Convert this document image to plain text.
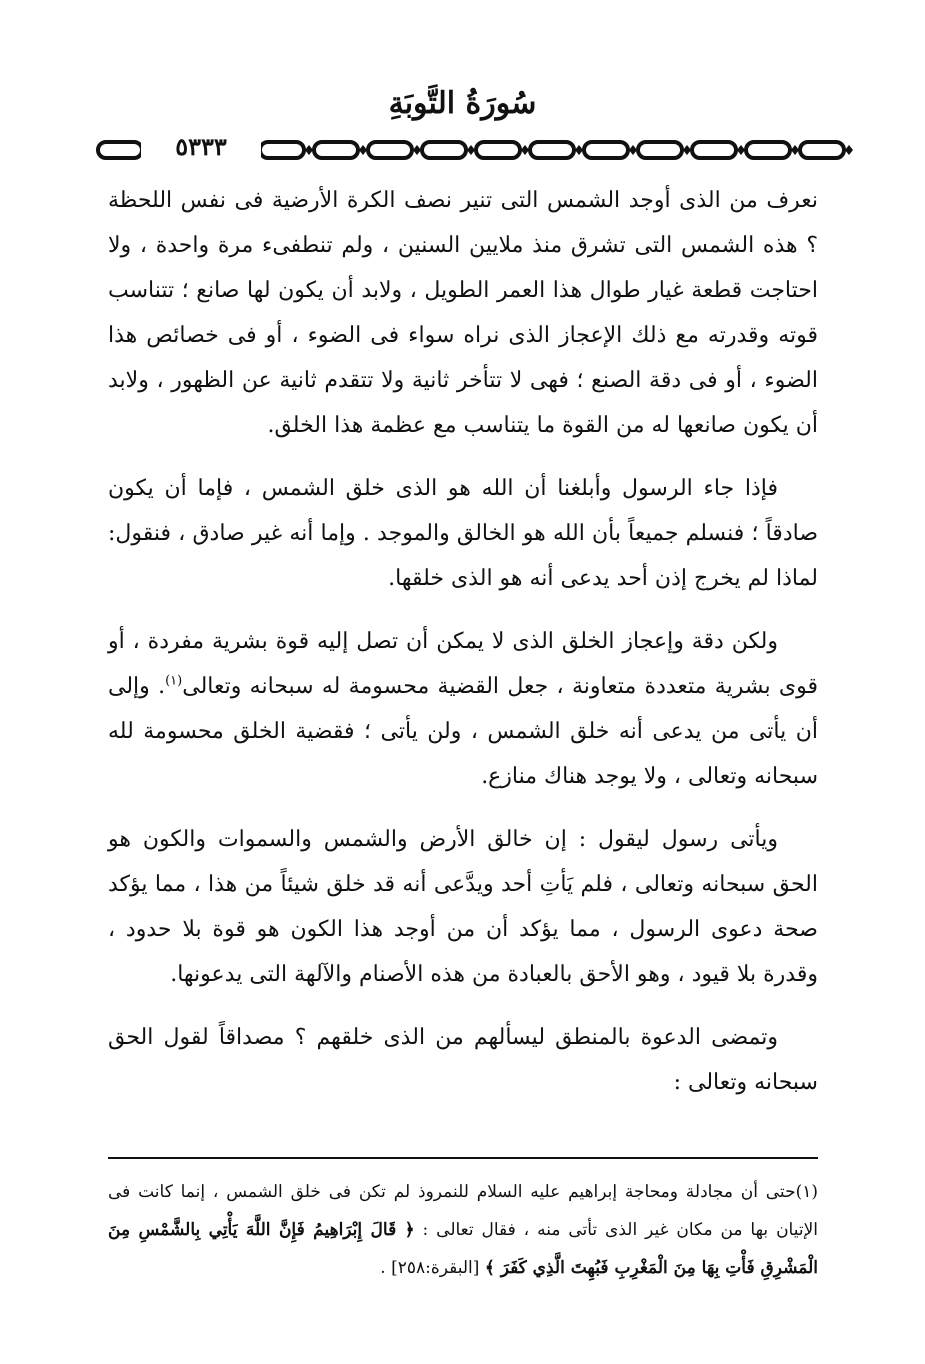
سُورَةُ التَّوبَةِ
٥٣٣٣

نعرف من الذى أوجد الشمس التى تنير نصف الكرة الأرضية فى نفس اللحظة ؟ هذه الشمس التى تشرق منذ ملايين السنين ، ولم تنطفىء مرة واحدة ، ولا احتاجت قطعة غيار طوال هذا العمر الطويل ، ولابد أن يكون لها صانع ؛ تتناسب قوته وقدرته مع ذلك الإعجاز الذى نراه سواء فى الضوء ، أو فى خصائص هذا الضوء ، أو فى دقة الصنع ؛ فهى لا تتأخر ثانية ولا تتقدم ثانية عن الظهور ، ولابد أن يكون صانعها له من القوة ما يتناسب مع عظمة هذا الخلق.

فإذا جاء الرسول وأبلغنا أن الله هو الذى خلق الشمس ، فإما أن يكون صادقاً ؛ فنسلم جميعاً بأن الله هو الخالق والموجد . وإما أنه غير صادق ، فنقول: لماذا لم يخرج إذن أحد يدعى أنه هو الذى خلقها.

ولكن دقة وإعجاز الخلق الذى لا يمكن أن تصل إليه قوة بشرية مفردة ، أو قوى بشرية متعددة متعاونة ، جعل القضية محسومة له سبحانه وتعالى$^{(١)}$. وإلى أن يأتى من يدعى أنه خلق الشمس ، ولن يأتى ؛ فقضية الخلق محسومة لله سبحانه وتعالى ، ولا يوجد هناك منازع.

ويأتى رسول ليقول : إن خالق الأرض والشمس والسموات والكون هو الحق سبحانه وتعالى ، فلم يَأتِ أحد ويدَّعى أنه قد خلق شيئاً من هذا ، مما يؤكد صحة دعوى الرسول ، مما يؤكد أن من أوجد هذا الكون هو قوة بلا حدود ، وقدرة بلا قيود ، وهو الأحق بالعبادة من هذه الأصنام والآلهة التى يدعونها.

وتمضى الدعوة بالمنطق ليسألهم من الذى خلقهم ؟ مصداقاً لقول الحق سبحانه وتعالى :

(١)حتى أن مجادلة ومحاجة إبراهيم عليه السلام للنمروذ لم تكن فى خلق الشمس ، إنما كانت فى الإتيان بها من مكان غير الذى تأتى منه ، فقال تعالى : ﴿ قَالَ إِبْرَاهِيمُ فَإِنَّ اللَّهَ يَأْتِي بِالشَّمْسِ مِنَ الْمَشْرِقِ فَأْتِ بِهَا مِنَ الْمَغْرِبِ فَبُهِتَ الَّذِي كَفَرَ ﴾ [البقرة:٢٥٨] .
